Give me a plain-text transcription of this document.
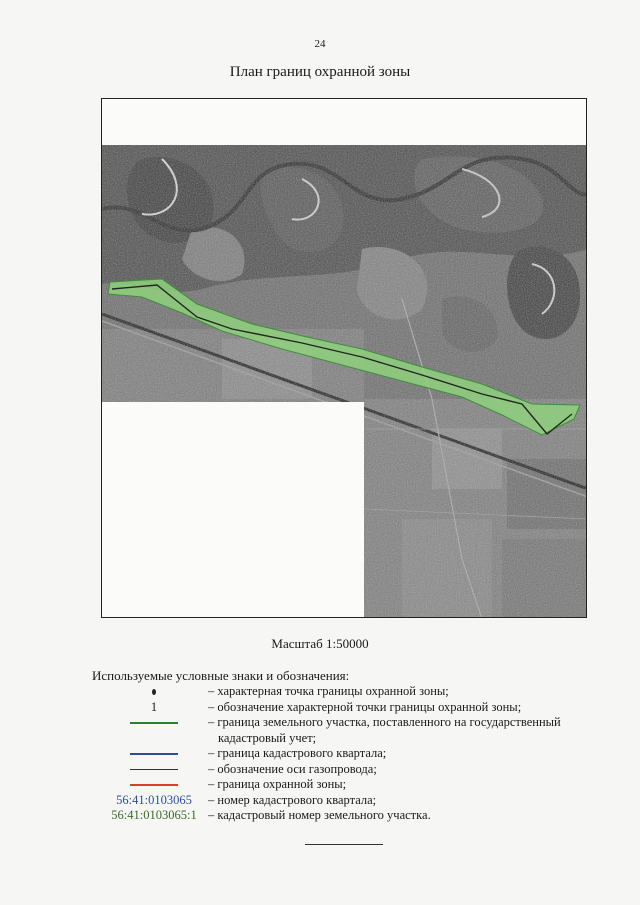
24
План границ охранной зоны
Масштаб 1:50000
Используемые условные знаки и обозначения:
– характерная точка границы охранной зоны;
1	– обозначение характерной точки границы охранной зоны;
– граница земельного участка, поставленного на государственный
кадастровый учет;
– граница кадастрового квартала;
– обозначение оси газопровода;
– граница охранной зоны;
56:41:0103065	– номер кадастрового квартала;
56:41:0103065:1 – кадастровый номер земельного участка.
